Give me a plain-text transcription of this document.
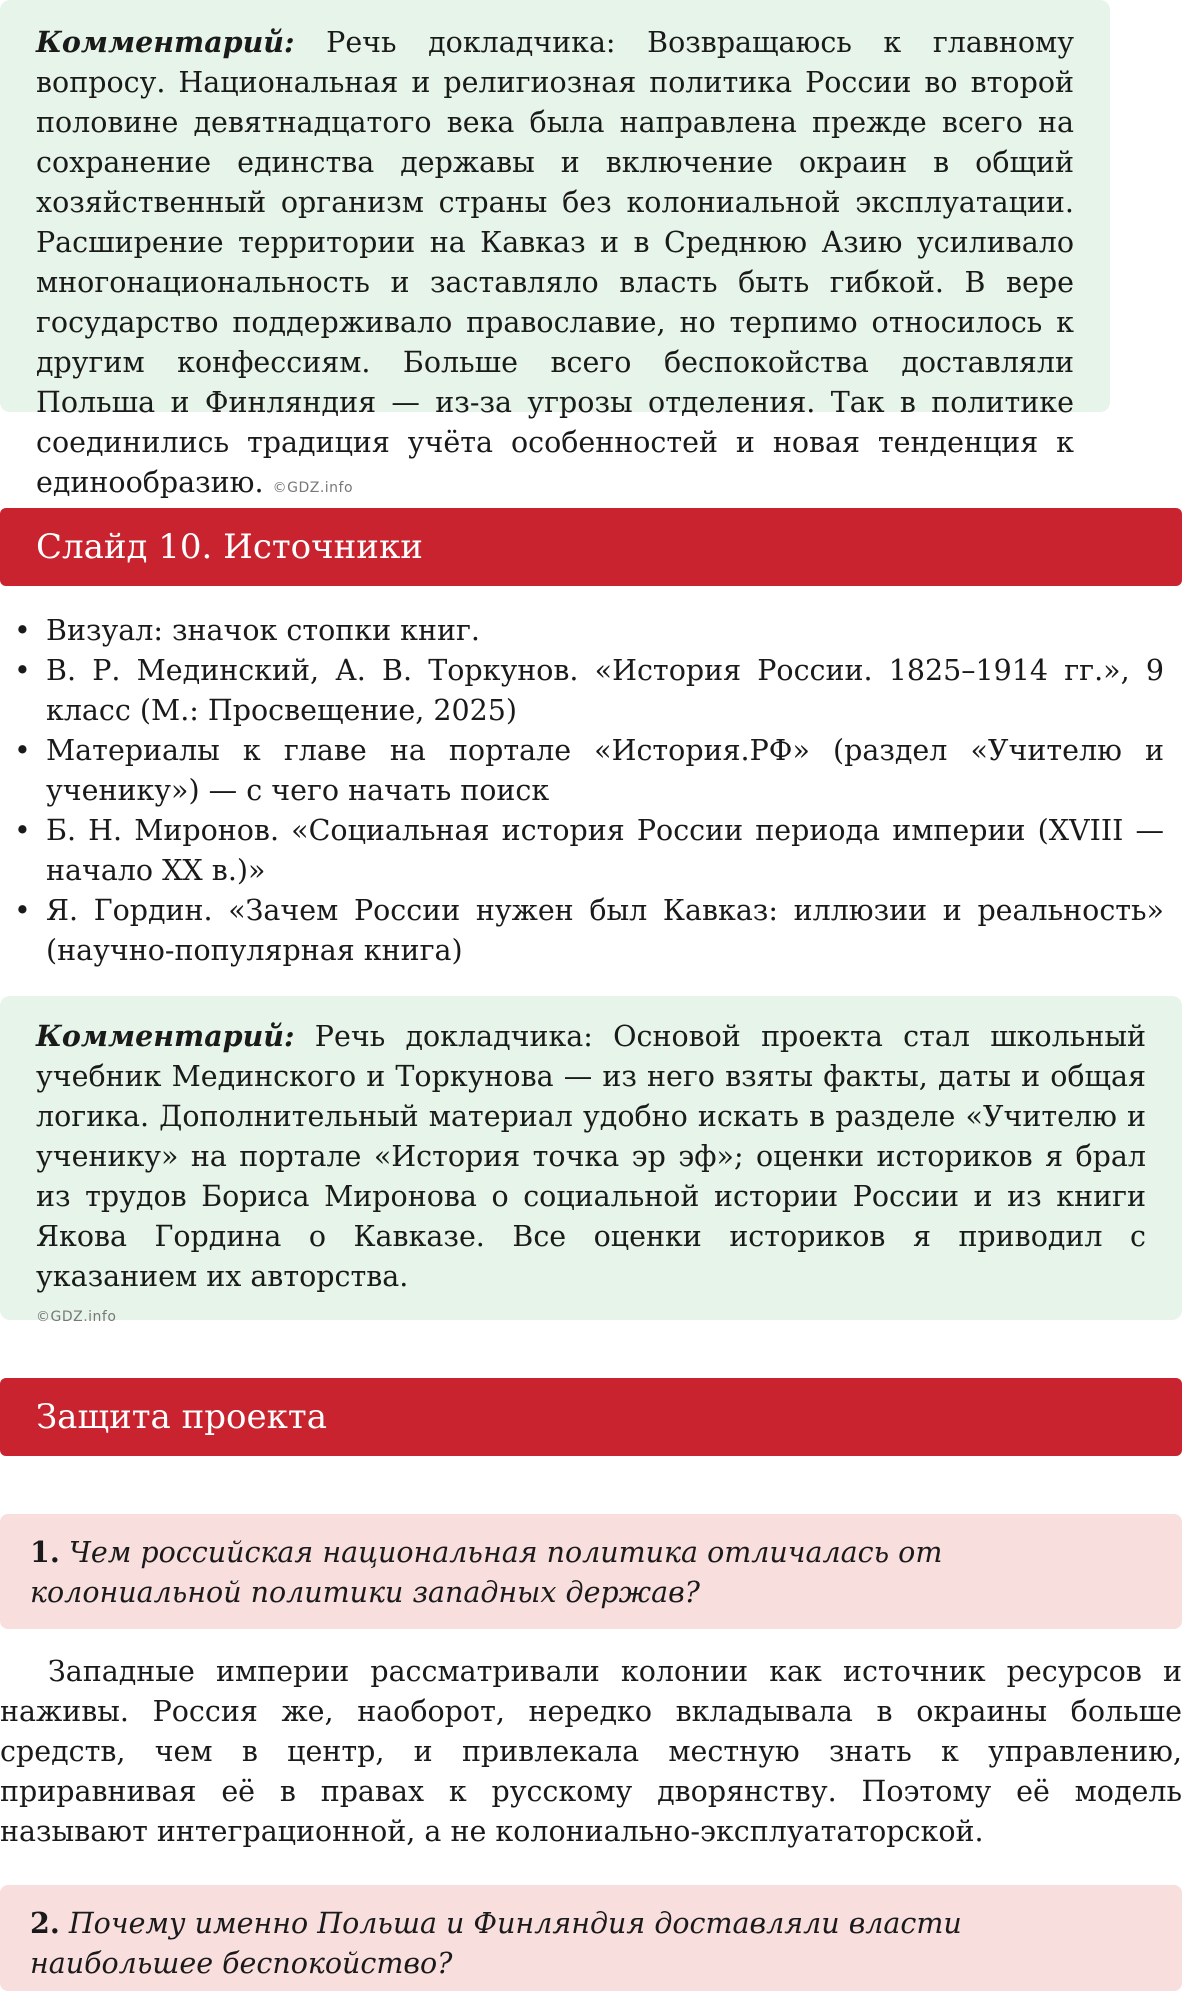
Комментарий: Речь докладчика: Возвращаюсь к главному вопросу. Национальная и религиозная политика России во второй половине девятнадцатого века была направлена прежде всего на сохранение единства державы и включение окраин в общий хозяйственный организм страны без колониальной эксплуатации. Расширение территории на Кавказ и в Среднюю Азию усиливало многонациональность и заставляло власть быть гибкой. В вере государство поддерживало православие, но терпимо относилось к другим конфессиям. Больше всего беспокойства доставляли Польша и Финляндия — из-за угрозы отделения. Так в политике соединились традиция учёта особенностей и новая тенденция к единообразию. ©GDZ.info
Слайд 10. Источники
• Визуал: значок стопки книг.
• В. Р. Мединский, А. В. Торкунов. «История России. 1825–1914 гг.», 9 класс (М.: Просвещение, 2025)
• Материалы к главе на портале «История.РФ» (раздел «Учителю и ученику») — с чего начать поиск
• Б. Н. Миронов. «Социальная история России периода империи (XVIII — начало XX в.)»
• Я. Гордин. «Зачем России нужен был Кавказ: иллюзии и реальность» (научно-популярная книга)
Комментарий: Речь докладчика: Основой проекта стал школьный учебник Мединского и Торкунова — из него взяты факты, даты и общая логика. Дополнительный материал удобно искать в разделе «Учителю и ученику» на портале «История точка эр эф»; оценки историков я брал из трудов Бориса Миронова о социальной истории России и из книги Якова Гордина о Кавказе. Все оценки историков я приводил с указанием их авторства.
©GDZ.info
Защита проекта
1. Чем российская национальная политика отличалась от колониальной политики западных держав?
Западные империи рассматривали колонии как источник ресурсов и наживы. Россия же, наоборот, нередко вкладывала в окраины больше средств, чем в центр, и привлекала местную знать к управлению, приравнивая её в правах к русскому дворянству. Поэтому её модель называют интеграционной, а не колониально-эксплуататорской.
2. Почему именно Польша и Финляндия доставляли власти наибольшее беспокойство?
